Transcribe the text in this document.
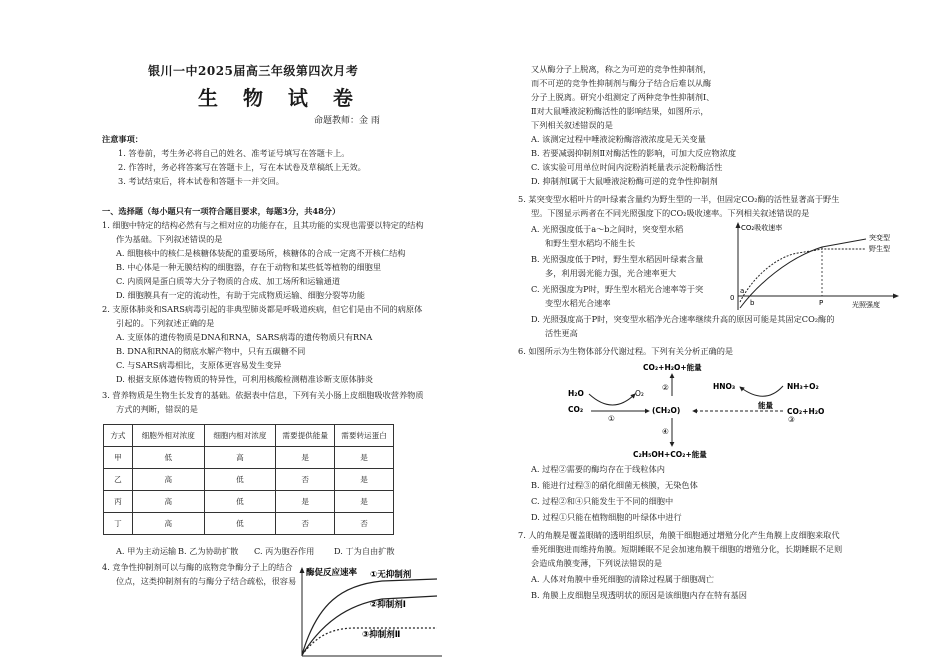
银川一中2025届高三年级第四次月考
生 物 试 卷
命题教师：金 雨
注意事项：
1. 答卷前，考生务必将自己的姓名、准考证号填写在答题卡上。
2. 作答时，务必将答案写在答题卡上，写在本试卷及草稿纸上无效。
3. 考试结束后，将本试卷和答题卡一并交回。
一、选择题（每小题只有一项符合题目要求，每题3分，共48分）
1. 细胞中特定的结构必然有与之相对应的功能存在，且其功能的实现也需要以特定的结构
作为基础。下列叙述错误的是
A. 细胞核中的核仁是核糖体装配的重要场所，核糖体的合成一定离不开核仁结构
B. 中心体是一种无膜结构的细胞器，存在于动物和某些低等植物的细胞里
C. 内质网是蛋白质等大分子物质的合成、加工场所和运输通道
D. 细胞膜具有一定的流动性，有助于完成物质运输、细胞分裂等功能
2. 支原体肺炎和SARS病毒引起的非典型肺炎都是呼吸道疾病，但它们是由不同的病原体
引起的。下列叙述正确的是
A. 支原体的遗传物质是DNA和RNA，SARS病毒的遗传物质只有RNA
B. DNA和RNA的彻底水解产物中，只有五碳糖不同
C. 与SARS病毒相比，支原体更容易发生变异
D. 根据支原体遗传物质的特异性，可利用核酸检测精准诊断支原体肺炎
3. 营养物质是生物生长发育的基础。依据表中信息，下列有关小肠上皮细胞吸收营养物质
方式的判断，错误的是
方式	细胞外相对浓度	细胞内相对浓度	需要提供能量	需要转运蛋白
甲	低	高	是	是
乙	高	低	否	是
丙	高	低	是	是
丁	高	低	否	否
A. 甲为主动运输 B. 乙为协助扩散 C. 丙为胞吞作用 D. 丁为自由扩散
4. 竞争性抑制剂可以与酶的底物竞争酶分子上的结合
位点，这类抑制剂有的与酶分子结合疏松，很容易
酶促反应速率 ①无抑制剂
②抑制剂Ⅰ
③抑制剂Ⅱ
又从酶分子上脱离，称之为可逆的竞争性抑制剂，
而不可逆的竞争性抑制剂与酶分子结合后难以从酶
分子上脱离。研究小组测定了两种竞争性抑制剂Ⅰ、
Ⅱ对大鼠唾液淀粉酶活性的影响结果，如图所示，
下列相关叙述错误的是
A. 该测定过程中唾液淀粉酶溶液浓度是无关变量
B. 若要减弱抑制剂Ⅱ对酶活性的影响，可加大反应物浓度
C. 该实验可用单位时间内淀粉消耗量表示淀粉酶活性
D. 抑制剂Ⅰ属于大鼠唾液淀粉酶可逆的竞争性抑制剂
5. 某突变型水稻叶片的叶绿素含量约为野生型的一半，但固定CO₂酶的活性显著高于野生
型。下图显示两者在不同光照强度下的CO₂吸收速率。下列相关叙述错误的是
A. 光照强度低于a～b之间时，突变型水稻
和野生型水稻均不能生长
B. 光照强度低于P时，野生型水稻因叶绿素含量
多，利用弱光能力强，光合速率更大
C. 光照强度为P时，野生型水稻光合速率等于突
变型水稻光合速率
D. 光照强度高于P时，突变型水稻净光合速率继续升高的原因可能是其固定CO₂酶的
活性更高
CO₂吸收速率
光照强度
0
a
b	P
突变型
野生型
6. 如图所示为生物体部分代谢过程。下列有关分析正确的是
CO₂+H₂O+能量
②
H₂O
CO₂
O₂
①
(CH₂O)
HNO₃	NH₃+O₂
能量
CO₂+H₂O
③
④
C₂H₅OH+CO₂+能量
A. 过程②需要的酶均存在于线粒体内
B. 能进行过程③的硝化细菌无核膜，无染色体
C. 过程②和④只能发生于不同的细胞中
D. 过程①只能在植物细胞的叶绿体中进行
7. 人的角膜是覆盖眼睛的透明组织层，角膜干细胞通过增殖分化产生角膜上皮细胞来取代
垂死细胞进而维持角膜。短期睡眠不足会加速角膜干细胞的增殖分化，长期睡眠不足则
会造成角膜变薄，下列说法错误的是
A. 人体对角膜中垂死细胞的清除过程属于细胞凋亡
B. 角膜上皮细胞呈现透明状的原因是该细胞内存在特有基因
